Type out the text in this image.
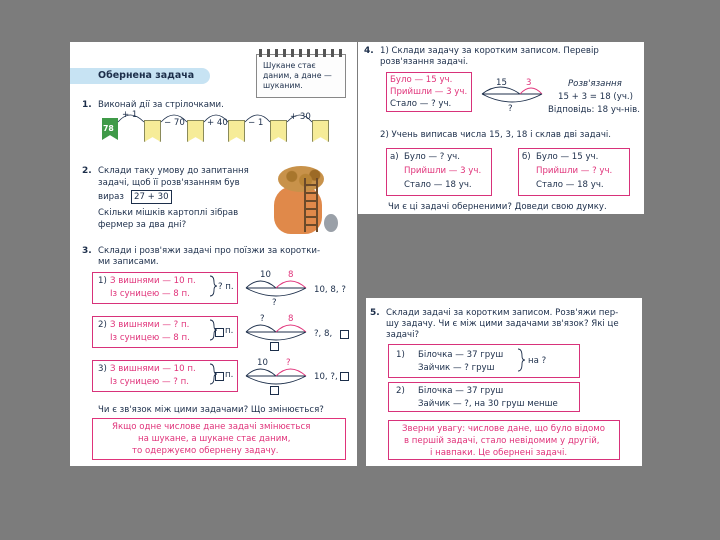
Обернена задача
Шукане стає
даним, а дане —
шуканим.
1. Виконай дії за стрілочками.
78
+ 1
− 70	+ 40 − 1
+ 30
2. Склади таку умову до запитання
задачі, щоб її розв'язанням був
вираз	27 + 30
Скільки мішків картоплі зібрав
фермер за два дні?
3. Склади і розв'яжи задачі про поїзжи за коротки-
ми записами.
1) З вишнями — 10 п.
Із суницею — 8 п.
? п.
10 8
?
10, 8, ?
2) З вишнями — ? п.
Із суницею — 8 п.
п.
?	8
?, 8,
3) З вишнями — 10 п.
Із суницею — ? п.
п.
10 ?
10, ?,
Чи є зв'язок між цими задачами? Що змінюється?
Якщо одне числове дане задачі змінюється
на шукане, а шукане стає даним,
то одержуємо обернену задачу.
4. 1) Склади задачу за коротким записом. Перевір
розв'язання задачі.
Було — 15 уч.
Прийшли — 3 уч.
Стало — ? уч.
15 3
?
Розв'язання
15 + 3 = 18 (уч.)
Відповідь: 18 уч-нів.
2) Учень виписав числа 15, 3, 18 і склав дві задачі.
а) Було — ? уч.
Прийшли — 3 уч.
Стало — 18 уч.
б) Було — 15 уч.
Прийшли — ? уч.
Стало — 18 уч.
Чи є ці задачі оберненими? Доведи свою думку.
5. Склади задачі за коротким записом. Розв'яжи пер-
шу задачу. Чи є між цими задачами зв'язок? Які це
задачі?
1) Білочка — 37 груш
Зайчик — ? груш
на ?
2) Білочка — 37 груш
Зайчик — ?, на 30 груш менше
Зверни увагу: числове дане, що було відомо
в першій задачі, стало невідомим у другій,
і навпаки. Це обернені задачі.
